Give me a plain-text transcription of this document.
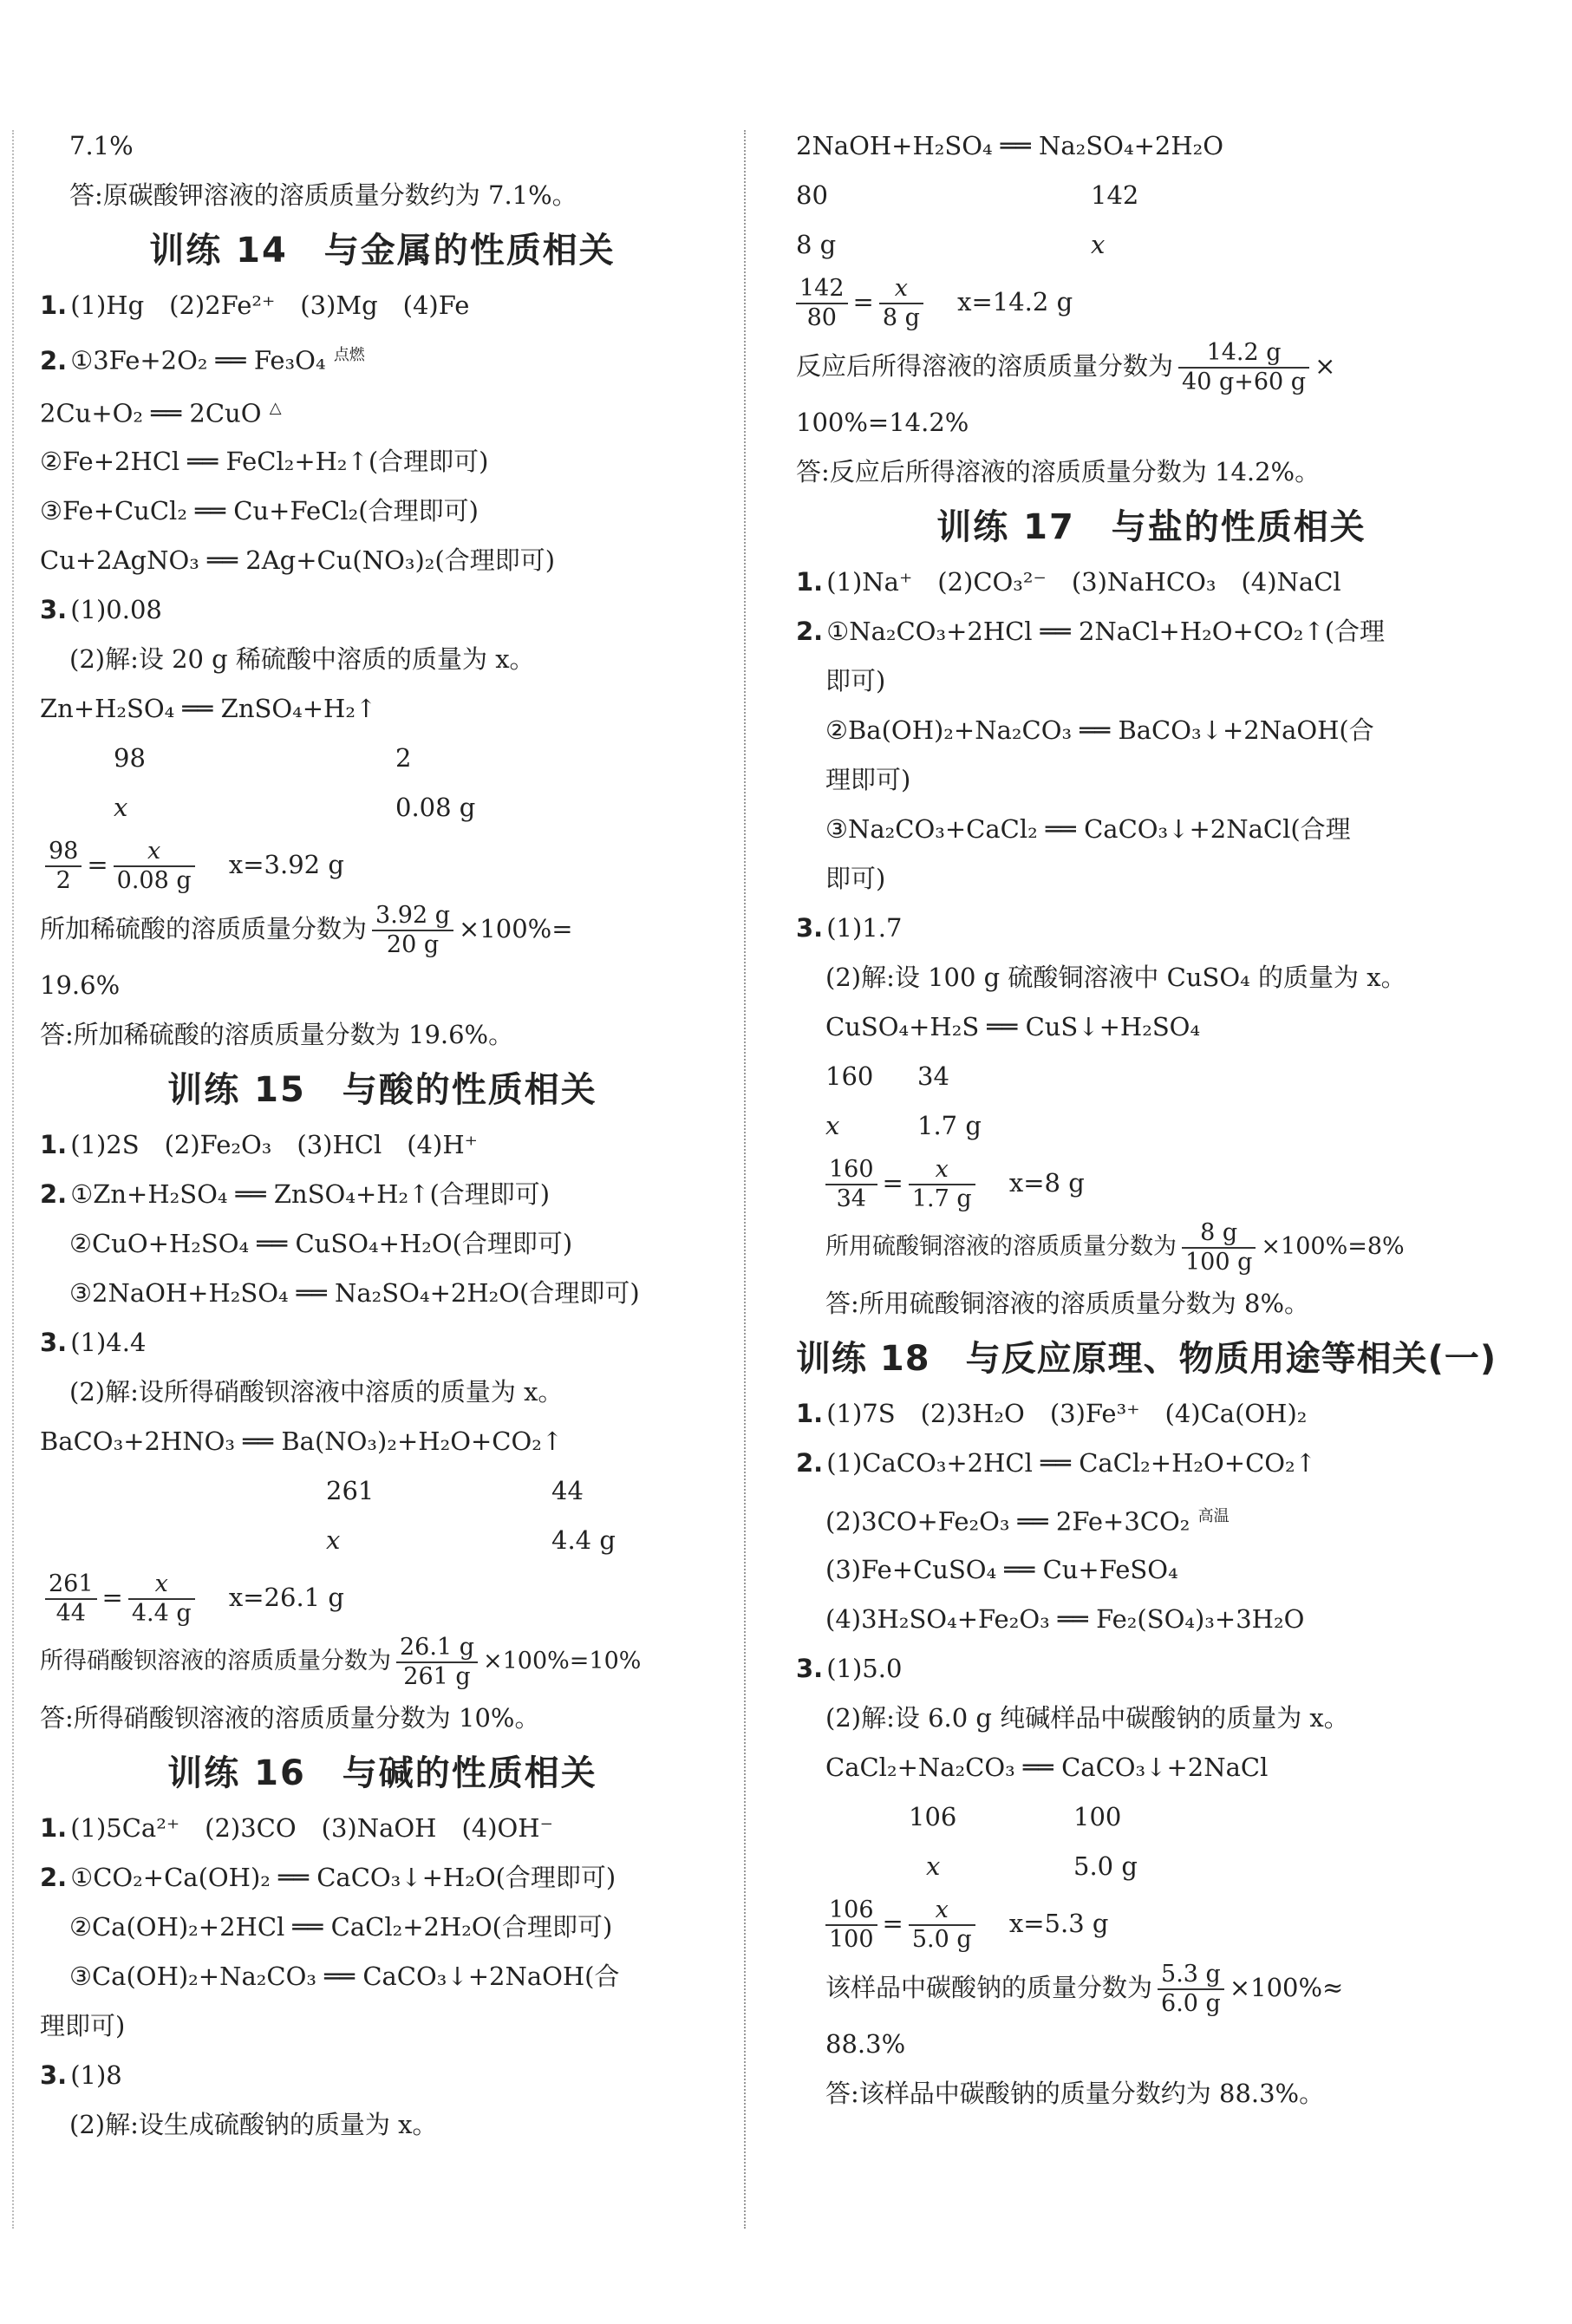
7.1%
答:原碳酸钾溶液的溶质质量分数约为 7.1%。
训练 14　与金属的性质相关
1. (1)Hg　(2)2Fe²⁺　(3)Mg　(4)Fe
2. ①3Fe+2O₂ ══ Fe₃O₄ $^{点燃}$
2Cu+O₂ ══ 2CuO △
②Fe+2HCl ══ FeCl₂+H₂↑(合理即可)
③Fe+CuCl₂ ══ Cu+FeCl₂(合理即可)
Cu+2AgNO₃ ══ 2Ag+Cu(NO₃)₂(合理即可)
3. (1)0.08
(2)解:设 20 g 稀硫酸中溶质的质量为 x。
Zn+H₂SO₄ ══ ZnSO₄+H₂↑
98	2
x	0.08 g
$\frac{98}{2} = \frac{x}{0.08 g} x=3.92$ g
所加稀硫酸的溶质质量分数为 $\frac{3.92 g}{20 g} \times 100\%=$
19.6%
答:所加稀硫酸的溶质质量分数为 19.6%。
训练 15　与酸的性质相关
1. (1)2S　(2)Fe₂O₃　(3)HCl　(4)H⁺
2. ①Zn+H₂SO₄ ══ ZnSO₄+H₂↑(合理即可)
②CuO+H₂SO₄ ══ CuSO₄+H₂O(合理即可)
③2NaOH+H₂SO₄ ══ Na₂SO₄+2H₂O(合理即可)
3. (1)4.4
(2)解:设所得硝酸钡溶液中溶质的质量为 x。
BaCO₃+2HNO₃ ══ Ba(NO₃)₂+H₂O+CO₂↑
261	44
x	4.4 g
$\frac{261}{44} = \frac{x}{4.4 g} x=26.1$ g
所得硝酸钡溶液的溶质质量分数为 $\frac{26.1 g}{261 g} \times 100\%=10\%$
答:所得硝酸钡溶液的溶质质量分数为 10%。
训练 16　与碱的性质相关
1. (1)5Ca²⁺　(2)3CO　(3)NaOH　(4)OH⁻
2. ①CO₂+Ca(OH)₂ ══ CaCO₃↓+H₂O(合理即可)
②Ca(OH)₂+2HCl ══ CaCl₂+2H₂O(合理即可)
③Ca(OH)₂+Na₂CO₃ ══ CaCO₃↓+2NaOH(合
理即可)
3. (1)8
(2)解:设生成硫酸钠的质量为 x。
2NaOH+H₂SO₄ ══ Na₂SO₄+2H₂O
80	142
8 g	x
$\frac{142}{80} = \frac{x}{8 g} x=14.2$ g
反应后所得溶液的溶质质量分数为 $\frac{14.2 g}{40 g+60 g}$ ×
100%=14.2%
答:反应后所得溶液的溶质质量分数为 14.2%。
训练 17　与盐的性质相关
1. (1)Na⁺　(2)CO₃²⁻　(3)NaHCO₃　(4)NaCl
2. ①Na₂CO₃+2HCl ══ 2NaCl+H₂O+CO₂↑(合理
即可)
②Ba(OH)₂+Na₂CO₃ ══ BaCO₃↓+2NaOH(合
理即可)
③Na₂CO₃+CaCl₂ ══ CaCO₃↓+2NaCl(合理
即可)
3. (1)1.7
(2)解:设 100 g 硫酸铜溶液中 CuSO₄ 的质量为 x。
CuSO₄+H₂S ══ CuS↓+H₂SO₄
160 34
x	1.7 g
$\frac{160}{34} = \frac{x}{1.7 g} x=8$ g
所用硫酸铜溶液的溶质质量分数为 $\frac{8 g}{100 g} \times 100\%=8\%$
答:所用硫酸铜溶液的溶质质量分数为 8%。
训练 18　与反应原理、物质用途等相关(一)
1. (1)7S　(2)3H₂O　(3)Fe³⁺　(4)Ca(OH)₂
2. (1)CaCO₃+2HCl ══ CaCl₂+H₂O+CO₂↑
(2)3CO+Fe₂O₃ ══ 2Fe+3CO₂ $^{高温}$
(3)Fe+CuSO₄ ══ Cu+FeSO₄
(4)3H₂SO₄+Fe₂O₃ ══ Fe₂(SO₄)₃+3H₂O
3. (1)5.0
(2)解:设 6.0 g 纯碱样品中碳酸钠的质量为 x。
CaCl₂+Na₂CO₃ ══ CaCO₃↓+2NaCl
106	100
x	5.0 g
$\frac{106}{100} = \frac{x}{5.0 g} x=5.3$ g
该样品中碳酸钠的质量分数为 $\frac{5.3 g}{6.0 g} \times 100\%\approx$
88.3%
答:该样品中碳酸钠的质量分数约为 88.3%。
